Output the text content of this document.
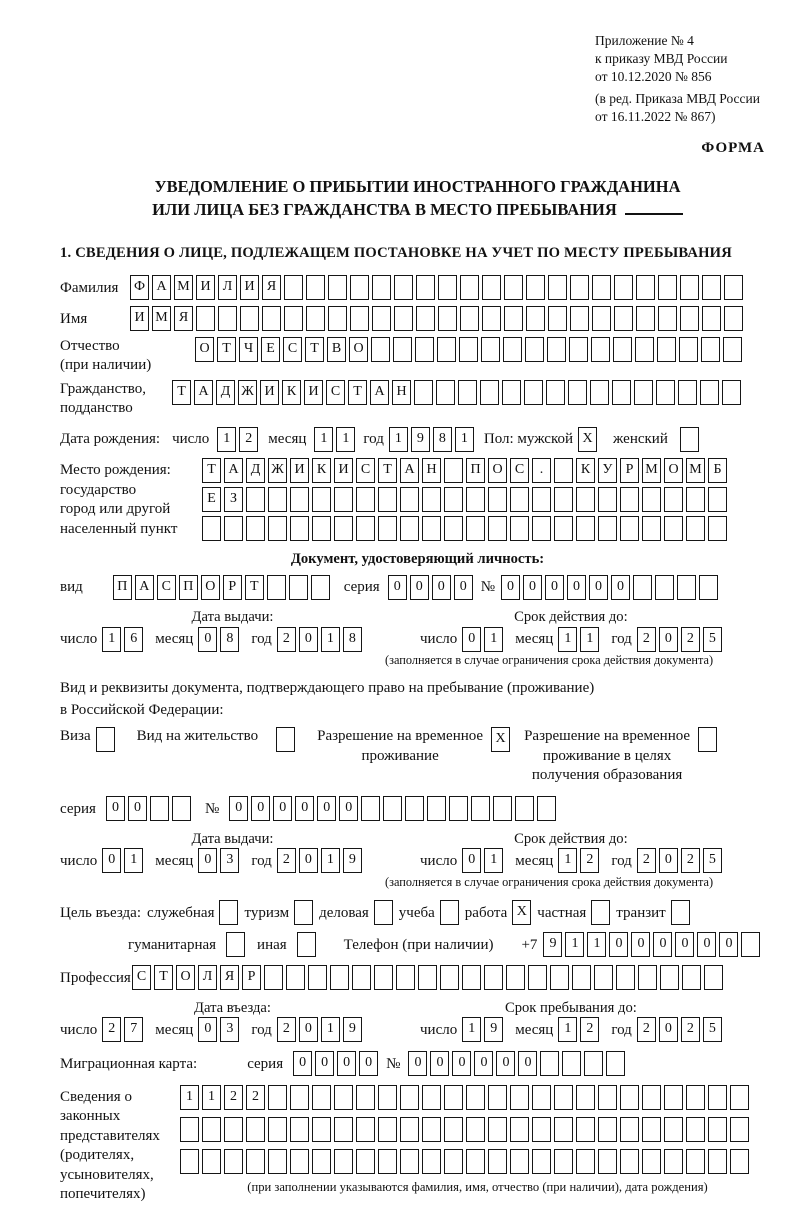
Приложение № 4
к приказу МВД России
от 10.12.2020 № 856
(в ред. Приказа МВД России
от 16.11.2022 № 867)
ФОРМА
УВЕДОМЛЕНИЕ О ПРИБЫТИИ ИНОСТРАННОГО ГРАЖДАНИНА
ИЛИ ЛИЦА БЕЗ ГРАЖДАНСТВА В МЕСТО ПРЕБЫВАНИЯ
1. СВЕДЕНИЯ О ЛИЦЕ, ПОДЛЕЖАЩЕМ ПОСТАНОВКЕ НА УЧЕТ ПО МЕСТУ ПРЕБЫВАНИЯ
Фамилия	Ф А М И Л И Я
Имя	И М Я
Отчество
(при наличии)
О Т Ч Е С Т В О
Гражданство,
подданство
Т А Д Ж И К И С Т А Н
Дата рождения: число	1	2	месяц	1	1 год 1	9	8	1	Пол: мужской X женский
Место рождения:
государство
город или другой
населенный пункт
Т А Д Ж И К И С Т А Н	П О С	.	К У Р М О М Б

Е	З

Документ, удостоверяющий личность:
вид	П А С П О Р Т	серия	0	0	0	0 № 0	0	0	0	0	0
Дата выдачи:
число 1	6	месяц 0	8	год 2	0	1	8
Срок действия до:
число 0	1	месяц 1	1	год 2	0	2	5
(заполняется в случае ограничения срока действия документа)
Вид и реквизиты документа, подтверждающего право на пребывание (проживание)
в Российской Федерации:
Виза	Вид на жительство	Разрешение на временное
проживание
X Разрешение на временное
проживание в целях
получения образования
серия	0	0	№	0	0	0	0	0	0
Дата выдачи:
число 0	1	месяц 0	3	год 2	0	1	9
Срок действия до:
число 0	1	месяц 1	2	год 2	0	2	5
(заполняется в случае ограничения срока действия документа)
Цель въезда: служебная туризм деловая учеба работа X частная транзит
гуманитарная	иная	Телефон (при наличии) +7 9	1	1	0	0	0	0	0	0
Профессия С Т О Л Я Р
Дата въезда:
число 2	7	месяц 0	3	год 2	0	1	9
Срок пребывания до:
число 1	9	месяц 1	2	год 2	0	2	5
Миграционная карта:	серия	0	0	0	0 №	0	0	0	0	0	0
Сведения о
законных
представителях
(родителях,
усыновителях,
попечителях)
1	1	2	2

(при заполнении указываются фамилия, имя, отчество (при наличии), дата рождения)
